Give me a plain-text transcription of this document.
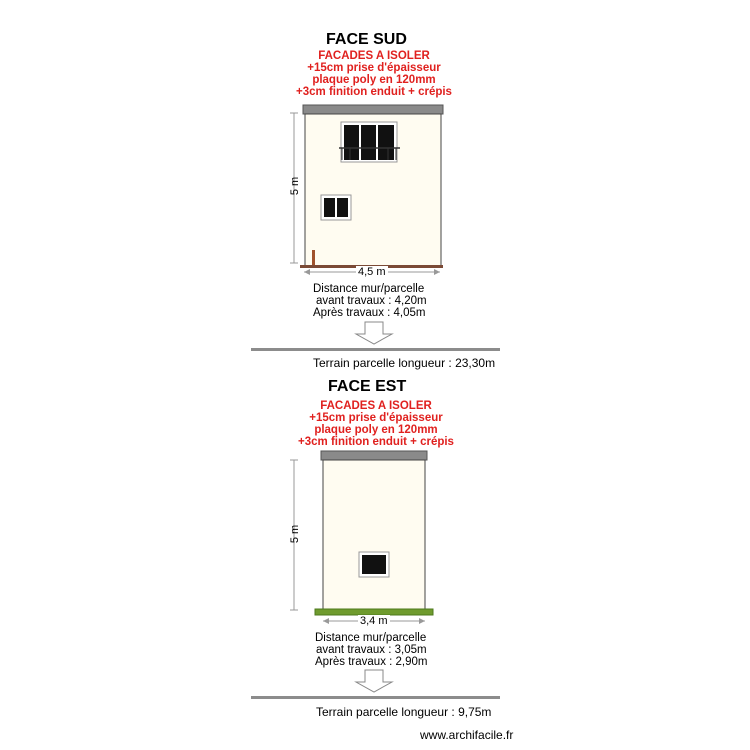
FACE SUD
FACADES A ISOLER
+15cm prise d'épaisseur
plaque poly en 120mm
+3cm finition enduit + crépis
5 m
4,5 m
Distance mur/parcelle
avant travaux : 4,20m
Après travaux : 4,05m
Terrain parcelle longueur : 23,30m
FACE EST
FACADES A ISOLER
+15cm prise d'épaisseur
plaque poly en 120mm
+3cm finition enduit + crépis
5 m
3,4 m
Distance mur/parcelle
avant travaux : 3,05m
Après travaux : 2,90m
Terrain parcelle longueur : 9,75m
www.archifacile.fr
